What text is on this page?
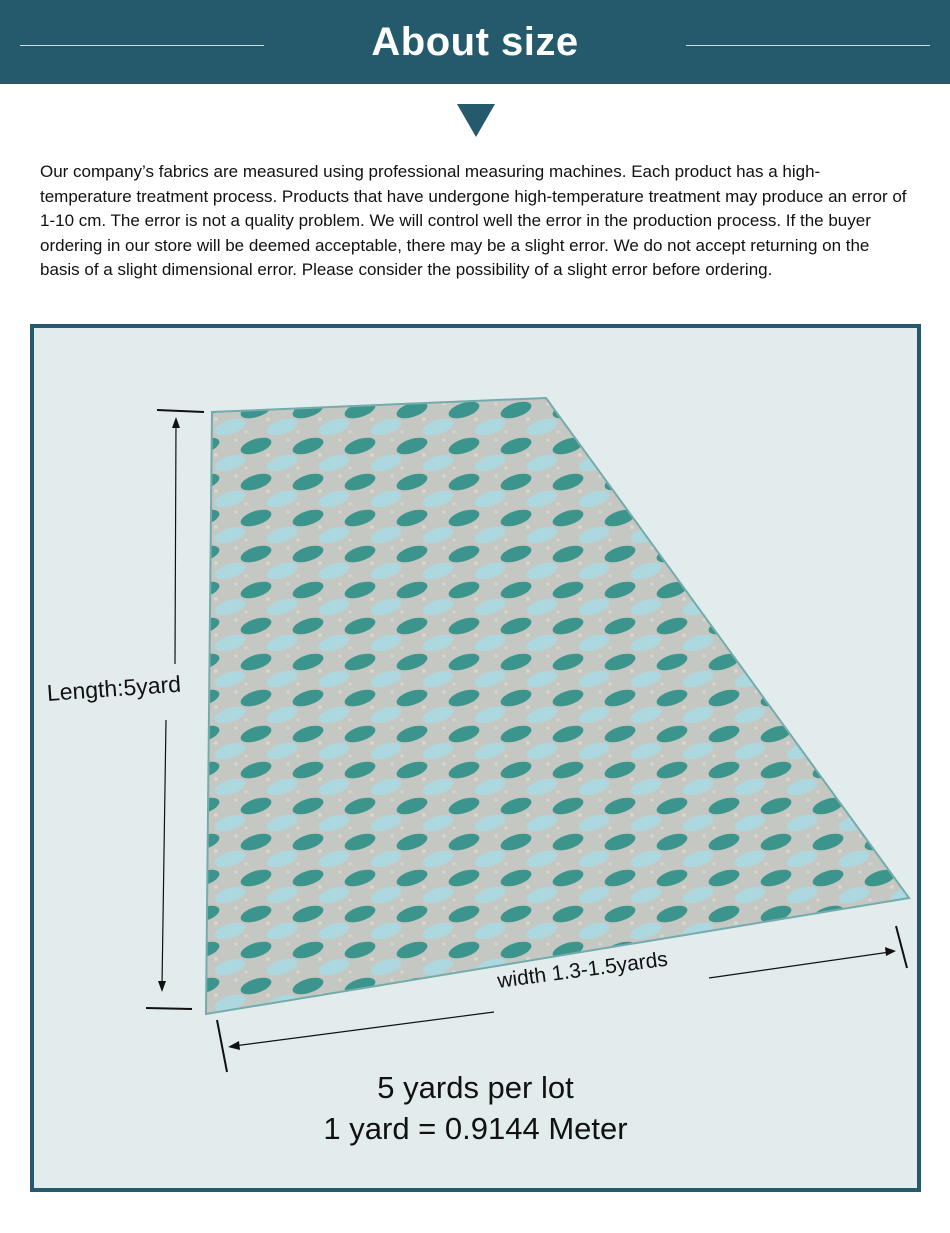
About size
Our company’s fabrics are measured using professional measuring machines. Each product has a high-temperature treatment process. Products that have undergone high-temperature treatment may produce an error of 1-10 cm. The error is not a quality problem. We will control well the error in the production process. If the buyer ordering in our store will be deemed acceptable, there may be a slight error. We do not accept returning on the basis of a slight dimensional error. Please consider the possibility of a slight error before ordering.
Length:5yard
width 1.3-1.5yards
5 yards per lot
1 yard = 0.9144 Meter
